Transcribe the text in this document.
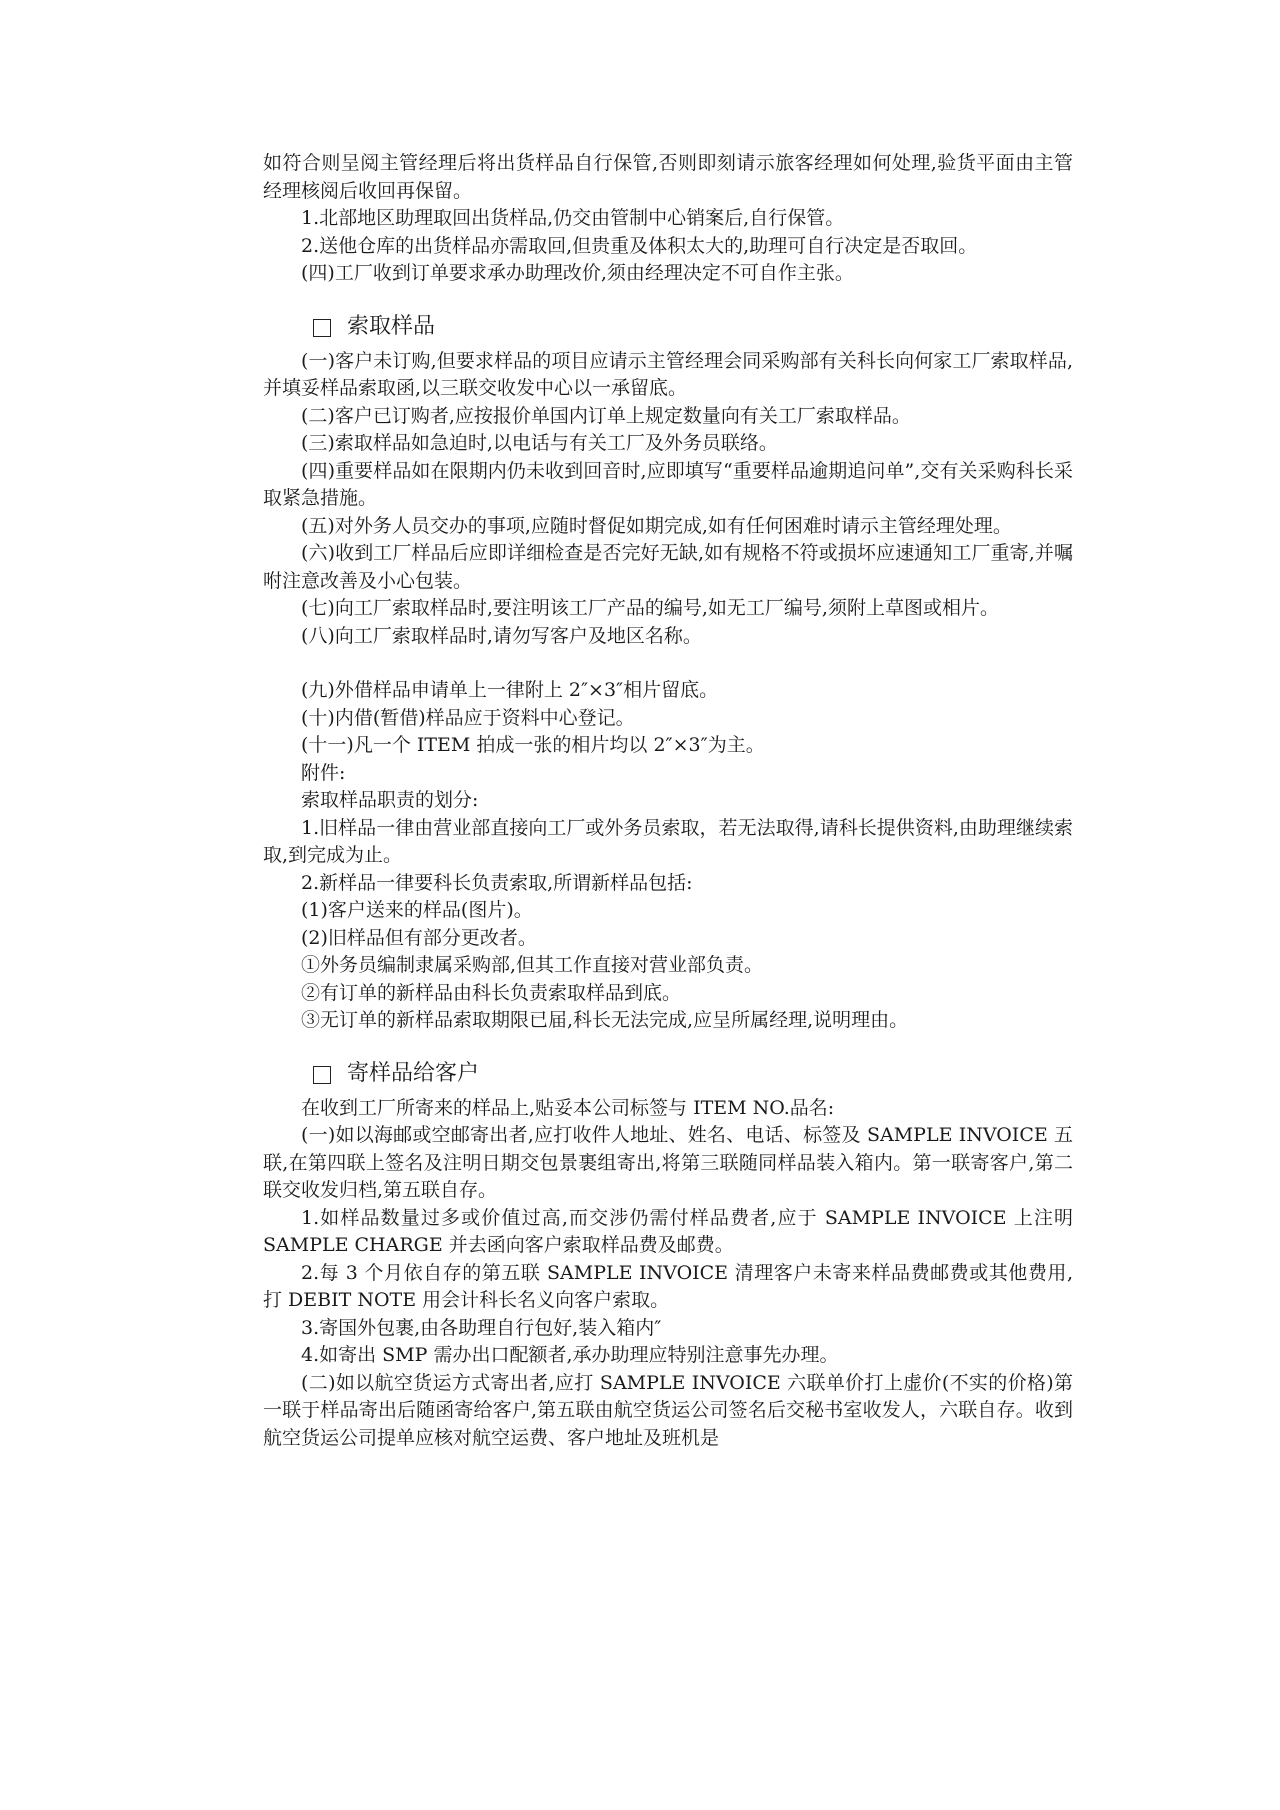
如符合则呈阅主管经理后将出货样品自行保管,否则即刻请示旅客经理如何处理,验货平面由主管经理核阅后收回再保留。

1.北部地区助理取回出货样品,仍交由管制中心销案后,自行保管。

2.送他仓库的出货样品亦需取回,但贵重及体积太大的,助理可自行决定是否取回。

(四)工厂收到订单要求承办助理改价,须由经理决定不可自作主张。

索取样品

(一)客户未订购,但要求样品的项目应请示主管经理会同采购部有关科长向何家工厂索取样品,并填妥样品索取函,以三联交收发中心以一承留底。

(二)客户已订购者,应按报价单国内订单上规定数量向有关工厂索取样品。

(三)索取样品如急迫时,以电话与有关工厂及外务员联络。

(四)重要样品如在限期内仍未收到回音时,应即填写“重要样品逾期追问单”,交有关采购科长采取紧急措施。

(五)对外务人员交办的事项,应随时督促如期完成,如有任何困难时请示主管经理处理。

(六)收到工厂样品后应即详细检查是否完好无缺,如有规格不符或损坏应速通知工厂重寄,并嘱咐注意改善及小心包装。

(七)向工厂索取样品时,要注明该工厂产品的编号,如无工厂编号,须附上草图或相片。

(八)向工厂索取样品时,请勿写客户及地区名称。

(九)外借样品申请单上一律附上 2″×3″相片留底。

(十)内借(暂借)样品应于资料中心登记。

(十一)凡一个 ITEM 拍成一张的相片均以 2″×3″为主。

附件:

索取样品职责的划分:

1.旧样品一律由营业部直接向工厂或外务员索取，若无法取得,请科长提供资料,由助理继续索取,到完成为止。

2.新样品一律要科长负责索取,所谓新样品包括:

(1)客户送来的样品(图片)。

(2)旧样品但有部分更改者。

①外务员编制隶属采购部,但其工作直接对营业部负责。

②有订单的新样品由科长负责索取样品到底。

③无订单的新样品索取期限已届,科长无法完成,应呈所属经理,说明理由。

寄样品给客户

在收到工厂所寄来的样品上,贴妥本公司标签与 ITEM NO.品名:

(一)如以海邮或空邮寄出者,应打收件人地址、姓名、电话、标签及 SAMPLE INVOICE 五联,在第四联上签名及注明日期交包景裹组寄出,将第三联随同样品装入箱内。第一联寄客户,第二联交收发归档,第五联自存。

1.如样品数量过多或价值过高,而交涉仍需付样品费者,应于 SAMPLE INVOICE 上注明 SAMPLE CHARGE 并去函向客户索取样品费及邮费。

2.每 3 个月依自存的第五联 SAMPLE INVOICE 清理客户未寄来样品费邮费或其他费用,打 DEBIT NOTE 用会计科长名义向客户索取。

3.寄国外包裹,由各助理自行包好,装入箱内″

4.如寄出 SMP 需办出口配额者,承办助理应特别注意事先办理。

(二)如以航空货运方式寄出者,应打 SAMPLE INVOICE 六联单价打上虚价(不实的价格)第一联于样品寄出后随函寄给客户,第五联由航空货运公司签名后交秘书室收发人，六联自存。收到航空货运公司提单应核对航空运费、客户地址及班机是
